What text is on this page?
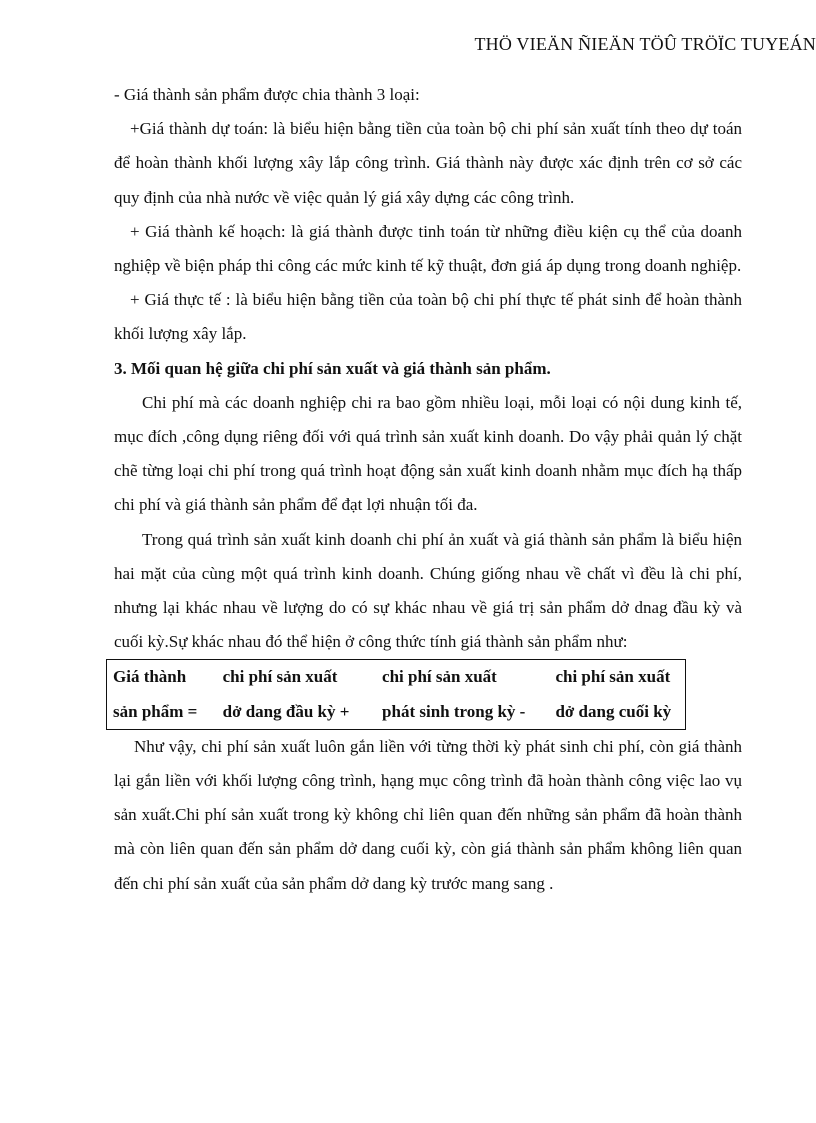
THÖ VIEÄN ÑIEÄN TÖÛ TRÖÏC TUYEÁN

- Giá thành sản phẩm được chia thành 3 loại:

+Giá thành dự toán: là biểu hiện bằng tiền của toàn bộ chi phí sản xuất tính theo dự toán để hoàn thành khối lượng xây lắp công trình. Giá thành này được xác định trên cơ sở các quy định của nhà nước về việc quản lý giá xây dựng các công trình.

+ Giá thành kế hoạch: là giá thành được tinh toán từ những điều kiện cụ thể của doanh nghiệp về biện pháp thi công các mức kinh tế kỹ thuật, đơn giá áp dụng trong doanh nghiệp.

+ Giá thực tế : là biểu hiện bằng tiền của toàn bộ chi phí thực tế phát sinh để hoàn thành khối lượng xây lắp.

3. Mối quan hệ giữa chi phí sản xuất và giá thành sản phẩm.

Chi phí mà các doanh nghiệp chi ra bao gồm nhiều loại, mỗi loại có nội dung kinh tế, mục đích ,công dụng riêng đối với quá trình sản xuất kinh doanh. Do vậy phải quản lý chặt chẽ từng loại chi phí trong quá trình hoạt động sản xuất kinh doanh nhằm mục đích hạ thấp chi phí và giá thành sản phẩm để đạt lợi nhuận tối đa.

Trong quá trình sản xuất kinh doanh chi phí ản xuất và giá thành sản phẩm là biểu hiện hai mặt của cùng một quá trình kinh doanh. Chúng giống nhau về chất vì đều là chi phí, nhưng lại khác nhau về lượng do có sự khác nhau về giá trị sản phẩm dở dnag đầu kỳ và cuối kỳ.Sự khác nhau đó thể hiện ở công thức tính giá thành sản phẩm như:

Giá thành	chi phí sản xuất	chi phí sản xuất	chi phí sản xuất
sản phẩm =	dở dang đầu kỳ +	phát sinh trong kỳ -	dở dang cuối kỳ

Như vậy, chi phí sản xuất luôn gắn liền với từng thời kỳ phát sinh chi phí, còn giá thành lại gắn liền với khối lượng công trình, hạng mục công trình đã hoàn thành công việc lao vụ sản xuất.Chi phí sản xuất trong kỳ không chỉ liên quan đến những sản phẩm đã hoàn thành mà còn liên quan đến sản phẩm dở dang cuối kỳ, còn giá thành sản phẩm không liên quan đến chi phí sản xuất của sản phẩm dở dang kỳ trước mang sang .
